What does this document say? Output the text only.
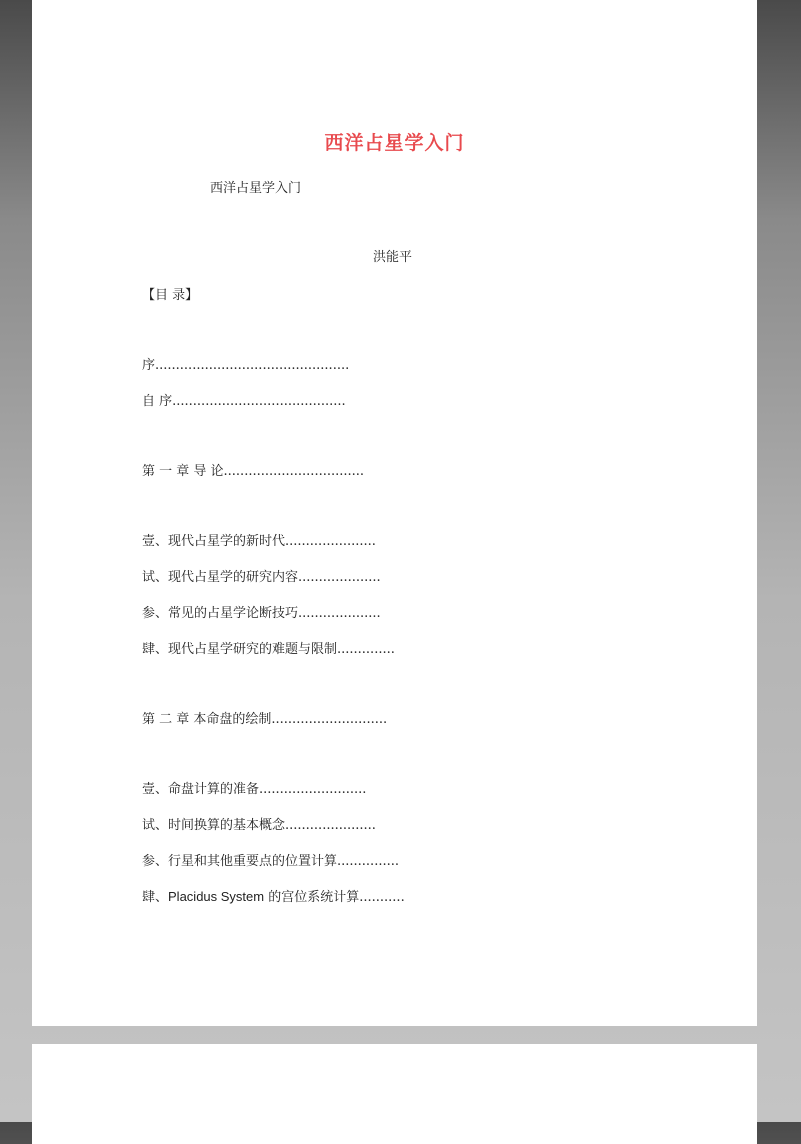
西洋占星学入门
西洋占星学入门
洪能平
【目 录】
序...............................................
自 序..........................................
第 一 章 导 论..................................
壹、现代占星学的新时代......................
试、现代占星学的研究内容....................
参、常见的占星学论断技巧....................
肆、现代占星学研究的难题与限制..............
第 二 章 本命盘的绘制............................
壹、命盘计算的准备..........................
试、时间换算的基本概念......................
参、行星和其他重要点的位置计算...............
肆、Placidus System 的宫位系统计算...........
